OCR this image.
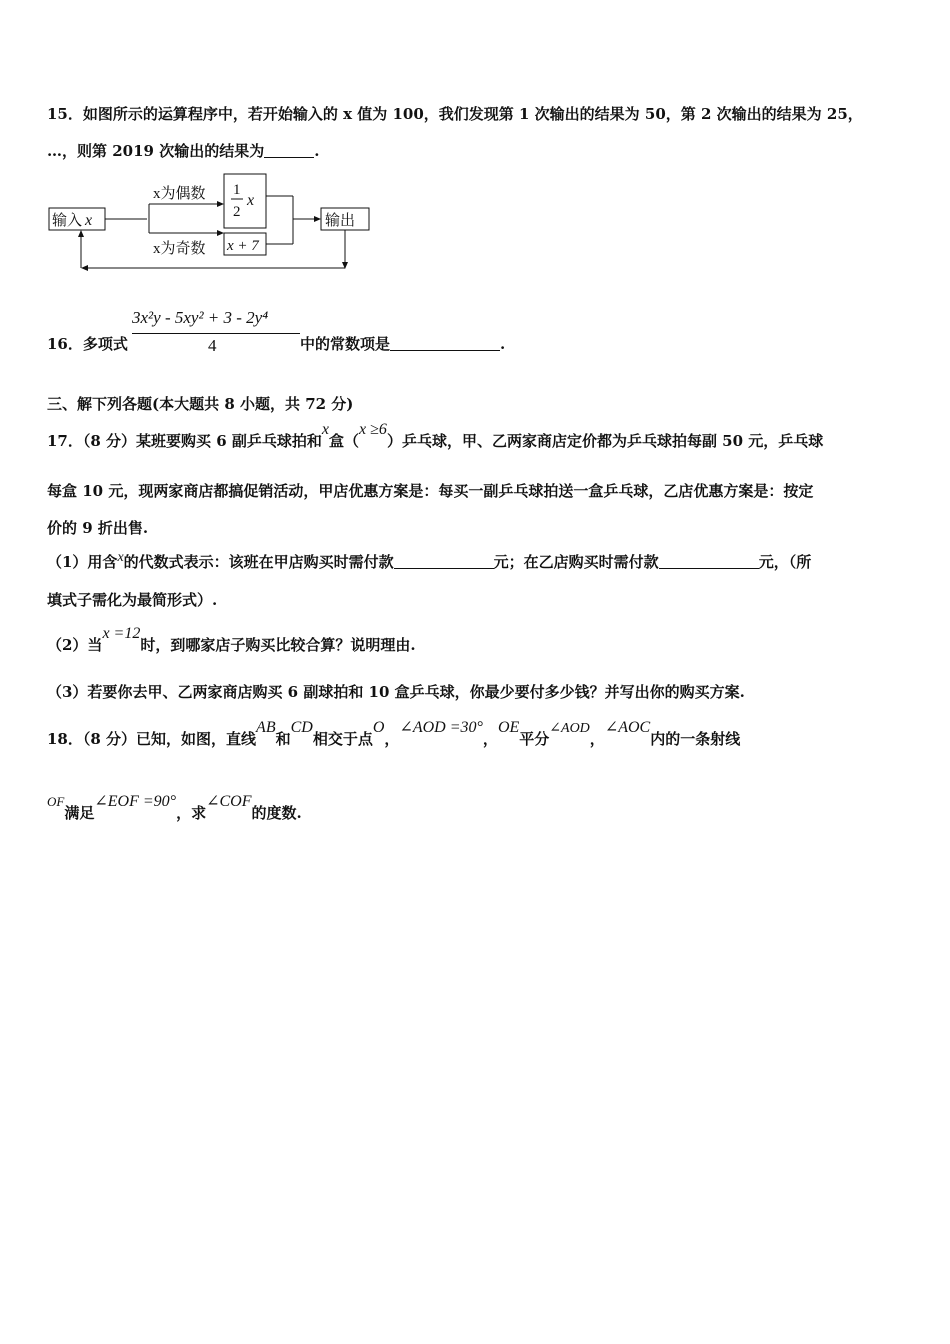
15．如图所示的运算程序中，若开始输入的 x 值为 100，我们发现第 1 次输出的结果为 50，第 2 次输出的结果为 25，
…，则第 2019 次输出的结果为	.
输入 x
x为偶数
x为奇数
1
2
x
x + 7
输出
16．多项式
3x²y - 5xy² + 3 - 2y⁴
4	中的常数项是	.
三、解下列各题(本大题共 8 小题，共 72 分)
17．（8 分）某班要购买 6 副乒乓球拍和x盒（x ≥6）乒乓球，甲、乙两家商店定价都为乒乓球拍每副 50 元，乒乓球
每盒 10 元，现两家商店都搞促销活动，甲店优惠方案是：每买一副乒乓球拍送一盒乒乓球，乙店优惠方案是：按定
价的 9 折出售.
（1）用含x的代数式表示：该班在甲店购买时需付款	元；在乙店购买时需付款	元，（所
填式子需化为最简形式）.
（2）当x =12时，到哪家店子购买比较合算？说明理由.
（3）若要你去甲、乙两家商店购买 6 副球拍和 10 盒乒乓球，你最少要付多少钱？并写出你的购买方案.
18．（8 分）已知，如图，直线AB和CD相交于点O，∠AOD =30°，OE平分∠AOD，∠AOC内的一条射线
OF满足∠EOF =90°，求∠COF的度数.
